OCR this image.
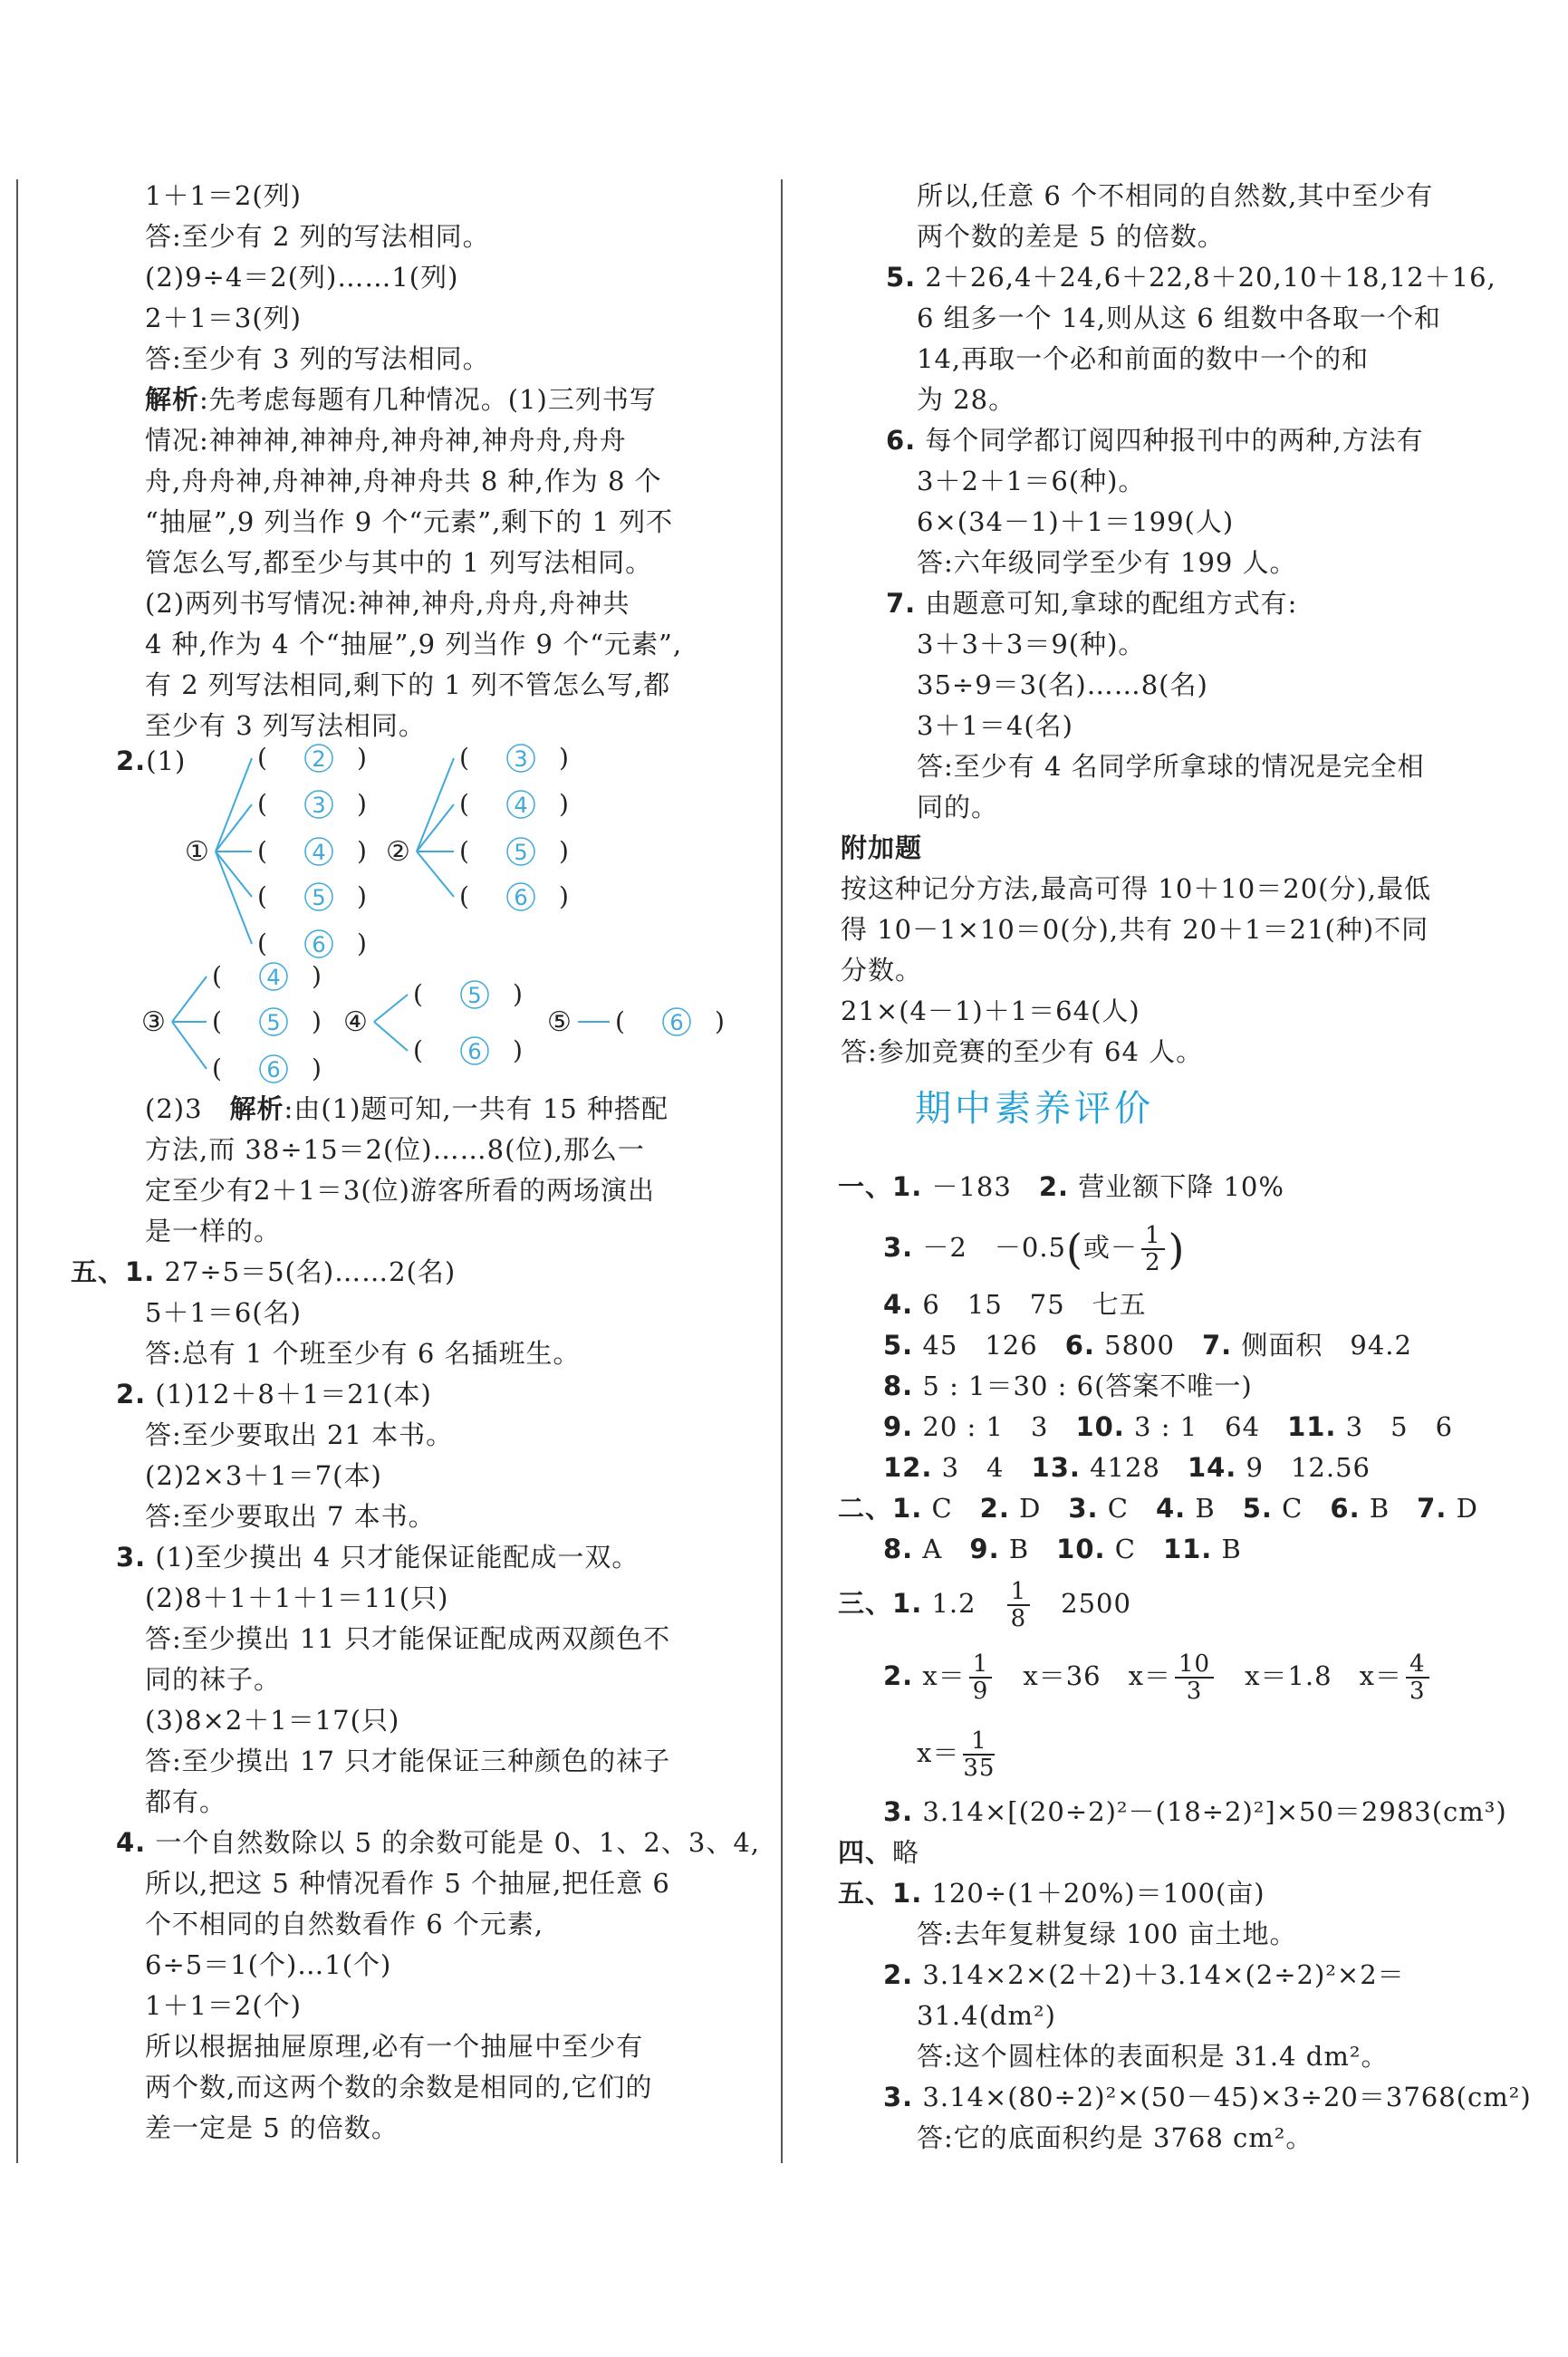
1＋1＝2(列)
答:至少有 2 列的写法相同。
(2)9÷4＝2(列)……1(列)
2＋1＝3(列)
答:至少有 3 列的写法相同。
解析:先考虑每题有几种情况。(1)三列书写
情况:神神神,神神舟,神舟神,神舟舟,舟舟
舟,舟舟神,舟神神,舟神舟共 8 种,作为 8 个
“抽屉”,9 列当作 9 个“元素”,剩下的 1 列不
管怎么写,都至少与其中的 1 列写法相同。
(2)两列书写情况:神神,神舟,舟舟,舟神共
4 种,作为 4 个“抽屉”,9 列当作 9 个“元素”,
有 2 列写法相同,剩下的 1 列不管怎么写,都
至少有 3 列写法相同。
2.(1)
①
(	)
2
(	)
3
(	)
4
(	)
5
(	)
6
②
(	)
3
(	)
4
(	)
5
(	)
6
③
(	)
4
(	)
5
(	)
6
④
(	)
5
(	)
6
⑤ (	)
6
(2)3　解析:由(1)题可知,一共有 15 种搭配
方法,而 38÷15＝2(位)……8(位),那么一
定至少有2＋1＝3(位)游客所看的两场演出
是一样的。
五、1. 27÷5＝5(名)……2(名)
5＋1＝6(名)
答:总有 1 个班至少有 6 名插班生。
2. (1)12＋8＋1＝21(本)
答:至少要取出 21 本书。
(2)2×3＋1＝7(本)
答:至少要取出 7 本书。
3. (1)至少摸出 4 只才能保证能配成一双。
(2)8＋1＋1＋1＝11(只)
答:至少摸出 11 只才能保证配成两双颜色不
同的袜子。
(3)8×2＋1＝17(只)
答:至少摸出 17 只才能保证三种颜色的袜子
都有。
4. 一个自然数除以 5 的余数可能是 0、1、2、3、4,
所以,把这 5 种情况看作 5 个抽屉,把任意 6
个不相同的自然数看作 6 个元素,
6÷5＝1(个)…1(个)
1＋1＝2(个)
所以根据抽屉原理,必有一个抽屉中至少有
两个数,而这两个数的余数是相同的,它们的
差一定是 5 的倍数。
所以,任意 6 个不相同的自然数,其中至少有
两个数的差是 5 的倍数。
5. 2＋26,4＋24,6＋22,8＋20,10＋18,12＋16,
6 组多一个 14,则从这 6 组数中各取一个和
14,再取一个必和前面的数中一个的和
为 28。
6. 每个同学都订阅四种报刊中的两种,方法有
3＋2＋1＝6(种)。
6×(34－1)＋1＝199(人)
答:六年级同学至少有 199 人。
7. 由题意可知,拿球的配组方式有:
3＋3＋3＝9(种)。
35÷9＝3(名)……8(名)
3＋1＝4(名)
答:至少有 4 名同学所拿球的情况是完全相
同的。
附加题
按这种记分方法,最高可得 10＋10＝20(分),最低
得 10－1×10＝0(分),共有 20＋1＝21(种)不同
分数。
21×(4－1)＋1＝64(人)
答:参加竞赛的至少有 64 人。
期中素养评价
一、1. －183　 2. 营业额下降 10%
3. －2　－0.5(或－ $\frac{1}{2}$ )
4. 6　15　75　七五
5. 45　126　 6. 5800　 7. 侧面积　94.2
8. 5 : 1＝30 : 6(答案不唯一)
9. 20 : 1　3　 10. 3 : 1　64　 11. 3　5　6
12. 3　4　 13. 4128　 14. 9　12.56
二、1. C　 2. D　 3. C　 4. B　 5. C　 6. B　 7. D
8. A　 9. B　 10. C　 11. B
三、1. 1.2　 $\frac{1}{8}$
　 2500
2. $x= \frac{1}{9}$
　 x＝36　 $x= \frac{10}{3}$
　 x＝1.8　 $x= \frac{4}{3}$
$x= \frac{1}{35}$
3. 3.14×[(20÷2)²－(18÷2)²]×50＝2983(cm³)
四、略
五、1. 120÷(1＋20%)＝100(亩)
答:去年复耕复绿 100 亩土地。
2. 3.14×2×(2＋2)＋3.14×(2÷2)²×2＝
31.4(dm²)
答:这个圆柱体的表面积是 31.4 dm²。
3. 3.14×(80÷2)²×(50－45)×3÷20＝3768(cm²)
答:它的底面积约是 3768 cm²。
